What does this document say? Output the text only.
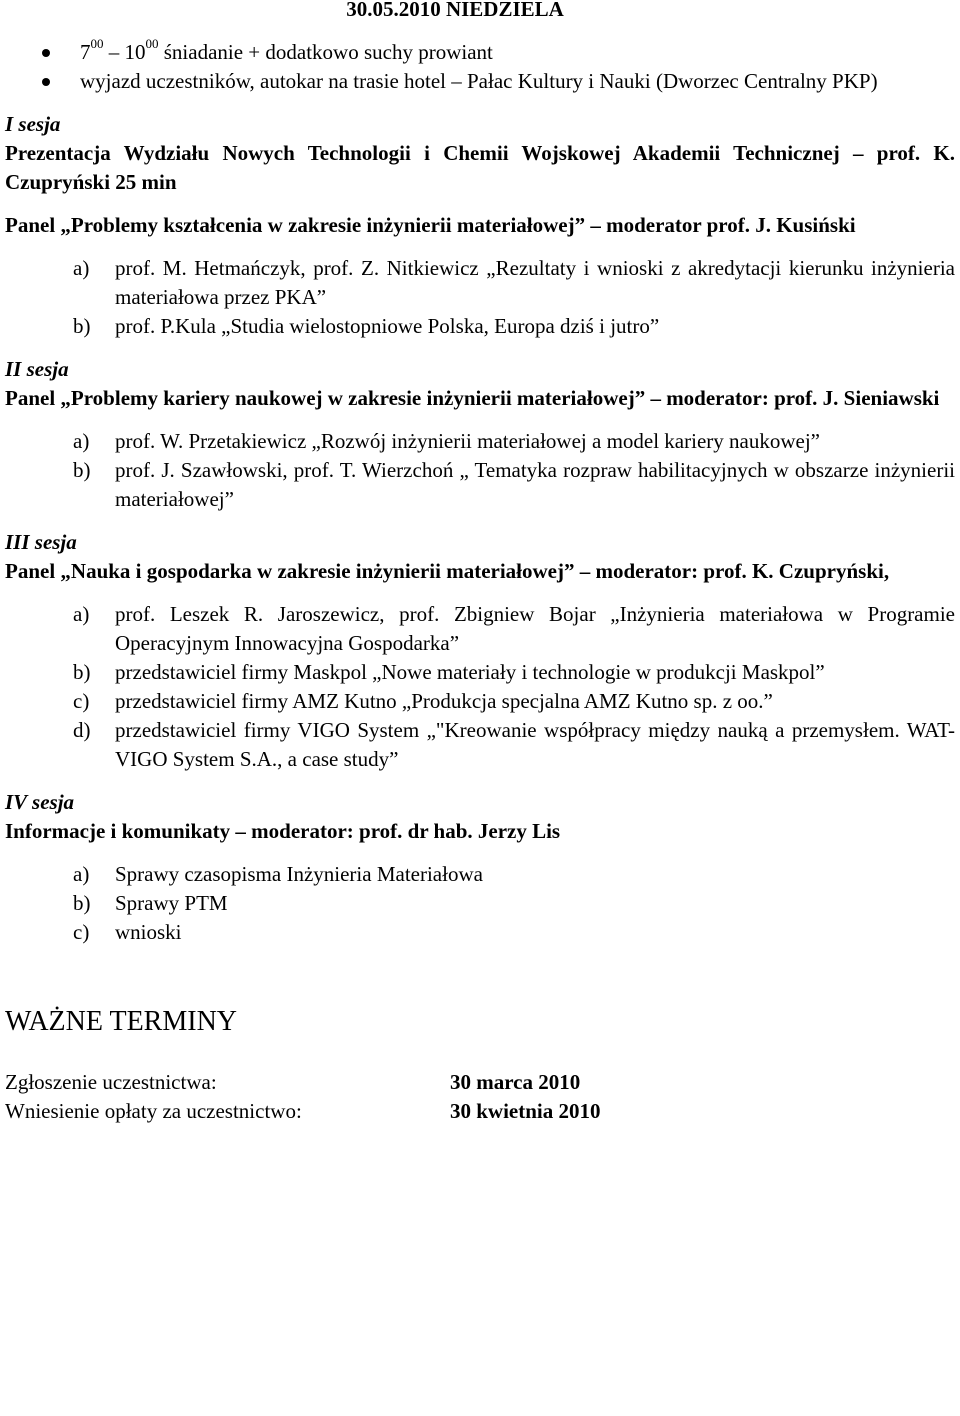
30.05.2010 NIEDZIELA
$7^{00} - 10^{00}$ śniadanie + dodatkowo suchy prowiant
wyjazd uczestników, autokar na trasie hotel – Pałac Kultury i Nauki (Dworzec Centralny PKP)
I sesja
Prezentacja Wydziału Nowych Technologii i Chemii Wojskowej Akademii Technicznej – prof. K. Czupryński 25 min
Panel „Problemy kształcenia w zakresie inżynierii materiałowej” – moderator prof. J. Kusiński
a) prof. M. Hetmańczyk, prof. Z. Nitkiewicz „Rezultaty i wnioski z akredytacji kierunku inżynieria materiałowa przez PKA”
b) prof. P.Kula „Studia wielostopniowe Polska, Europa dziś i jutro”
II sesja
Panel „Problemy kariery naukowej w zakresie inżynierii materiałowej” – moderator: prof. J. Sieniawski
a) prof. W. Przetakiewicz „Rozwój inżynierii materiałowej a model kariery naukowej”
b) prof. J. Szawłowski, prof. T. Wierzchoń „ Tematyka rozpraw habilitacyjnych w obszarze inżynierii materiałowej”
III sesja
Panel „Nauka i gospodarka w zakresie inżynierii materiałowej” – moderator: prof. K. Czupryński,
a) prof. Leszek R. Jaroszewicz, prof. Zbigniew Bojar „Inżynieria materiałowa w Programie Operacyjnym Innowacyjna Gospodarka”
b) przedstawiciel firmy Maskpol „Nowe materiały i technologie w produkcji Maskpol”
c) przedstawiciel firmy AMZ Kutno „Produkcja specjalna AMZ Kutno sp. z oo.”
d) przedstawiciel firmy VIGO System „"Kreowanie współpracy między nauką a przemysłem. WAT-VIGO System S.A., a case study”
IV sesja
Informacje i komunikaty – moderator: prof. dr hab. Jerzy Lis
a) Sprawy czasopisma Inżynieria Materiałowa
b) Sprawy PTM
c) wnioski
WAŻNE TERMINY
Zgłoszenie uczestnictwa:	30 marca 2010
Wniesienie opłaty za uczestnictwo:	30 kwietnia 2010
